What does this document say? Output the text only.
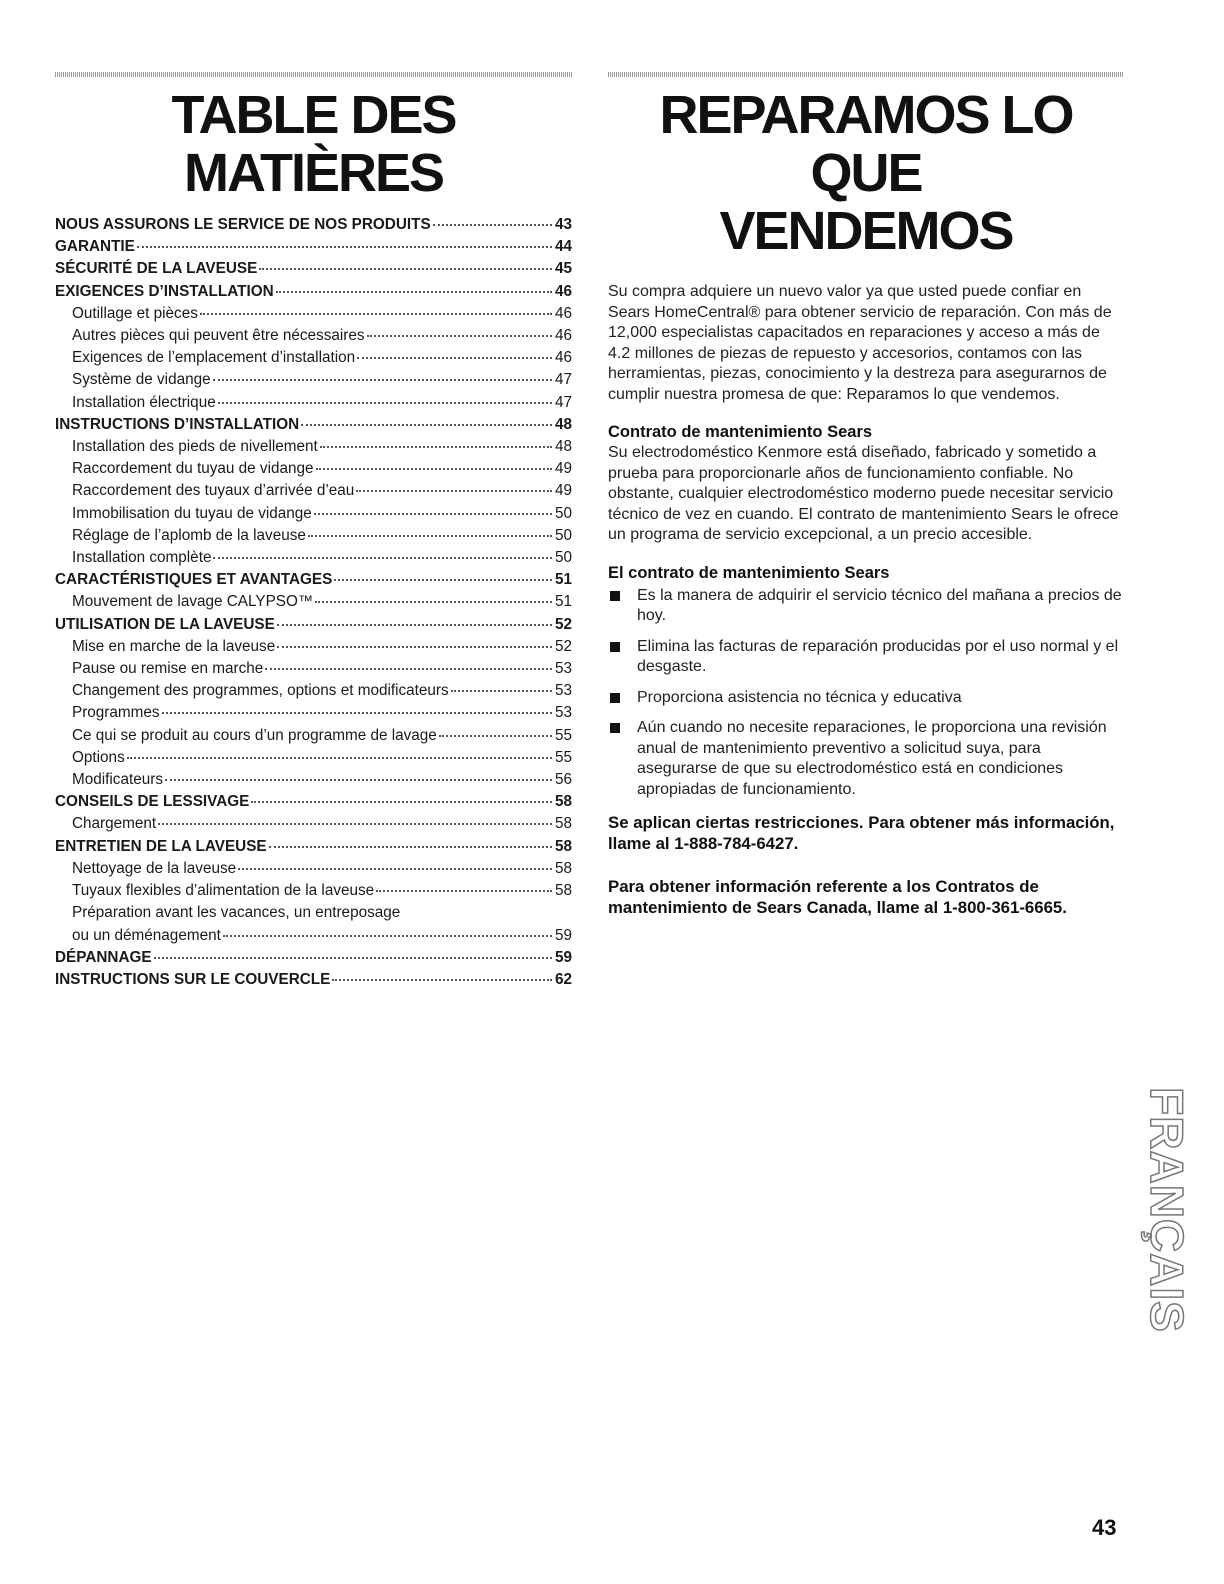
TABLE DES MATIÈRES
NOUS ASSURONS LE SERVICE DE NOS PRODUITS	43
GARANTIE	44
SÉCURITÉ DE LA LAVEUSE	45
EXIGENCES D’INSTALLATION	46
Outillage et pièces	46
Autres pièces qui peuvent être nécessaires	46
Exigences de l’emplacement d’installation	46
Système de vidange	47
Installation électrique	47
INSTRUCTIONS D’INSTALLATION	48
Installation des pieds de nivellement	48
Raccordement du tuyau de vidange	49
Raccordement des tuyaux d’arrivée d’eau	49
Immobilisation du tuyau de vidange	50
Réglage de l’aplomb de la laveuse	50
Installation complète	50
CARACTÉRISTIQUES ET AVANTAGES	51
Mouvement de lavage CALYPSO™	51
UTILISATION DE LA LAVEUSE	52
Mise en marche de la laveuse	52
Pause ou remise en marche	53
Changement des programmes, options et modificateurs	53
Programmes	53
Ce qui se produit au cours d’un programme de lavage	55
Options	55
Modificateurs	56
CONSEILS DE LESSIVAGE	58
Chargement	58
ENTRETIEN DE LA LAVEUSE	58
Nettoyage de la laveuse	58
Tuyaux flexibles d’alimentation de la laveuse	58
Préparation avant les vacances, un entreposage
ou un déménagement	59
DÉPANNAGE	59
INSTRUCTIONS SUR LE COUVERCLE	62
REPARAMOS LO QUE
VENDEMOS

Su compra adquiere un nuevo valor ya que usted puede confiar en Sears HomeCentral® para obtener servicio de reparación. Con más de 12,000 especialistas capacitados en reparaciones y acceso a más de 4.2 millones de piezas de repuesto y accesorios, contamos con las herramientas, piezas, conocimiento y la destreza para asegurarnos de cumplir nuestra promesa de que: Reparamos lo que vendemos.

Contrato de mantenimiento Sears

Su electrodoméstico Kenmore está diseñado, fabricado y sometido a prueba para proporcionarle años de funcionamiento confiable. No obstante, cualquier electrodoméstico moderno puede necesitar servicio técnico de vez en cuando. El contrato de mantenimiento Sears le ofrece un programa de servicio excepcional, a un precio accesible.

El contrato de mantenimiento Sears
Es la manera de adquirir el servicio técnico del mañana a precios de hoy.
Elimina las facturas de reparación producidas por el uso normal y el desgaste.
Proporciona asistencia no técnica y educativa
Aún cuando no necesite reparaciones, le proporciona una revisión anual de mantenimiento preventivo a solicitud suya, para asegurarse de que su electrodoméstico está en condiciones apropiadas de funcionamiento.

Se aplican ciertas restricciones. Para obtener más información, llame al 1-888-784-6427.

Para obtener información referente a los Contratos de mantenimiento de Sears Canada, llame al 1-800-361-6665.

FRANÇAIS
43
